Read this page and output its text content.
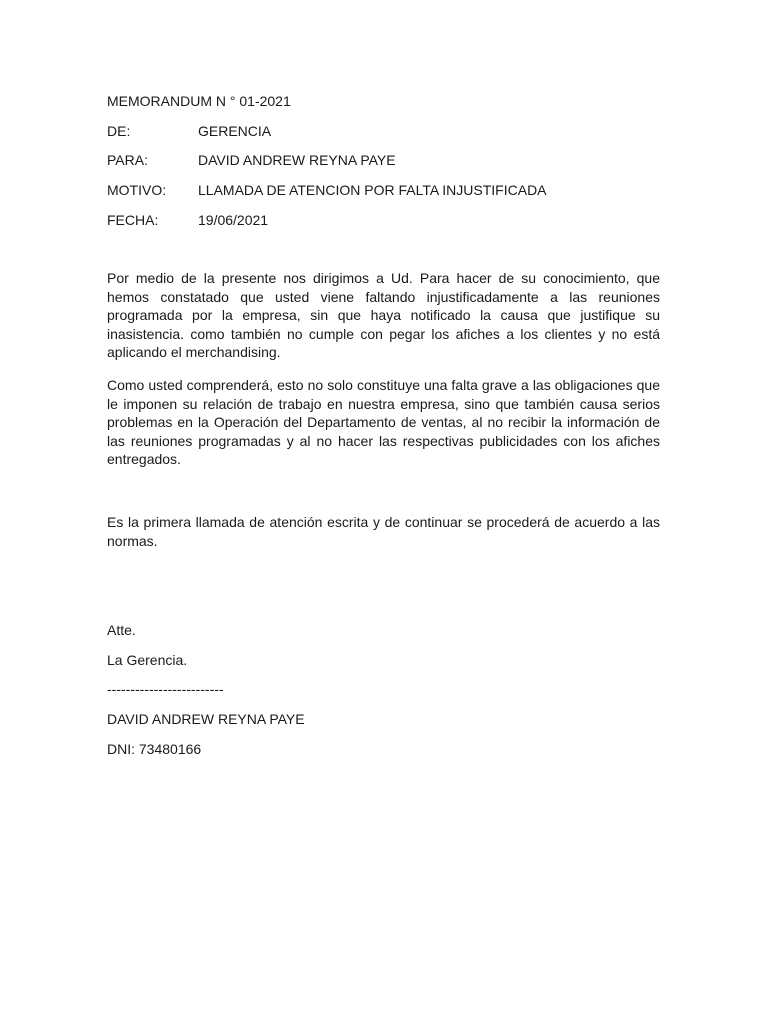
MEMORANDUM N ° 01-2021
DE:	GERENCIA
PARA:	DAVID ANDREW REYNA PAYE
MOTIVO: LLAMADA DE ATENCION POR FALTA INJUSTIFICADA
FECHA:	19/06/2021

Por medio de la presente nos dirigimos a Ud. Para hacer de su conocimiento, que hemos constatado que usted viene faltando injustificadamente a las reuniones programada por la empresa, sin que haya notificado la causa que justifique su inasistencia. como también no cumple con pegar los afiches a los clientes y no está aplicando el merchandising.

Como usted comprenderá, esto no solo constituye una falta grave a las obligaciones que le imponen su relación de trabajo en nuestra empresa, sino que también causa serios problemas en la Operación del Departamento de ventas, al no recibir la información de las reuniones programadas y al no hacer las respectivas publicidades con los afiches entregados.

Es la primera llamada de atención escrita y de continuar se procederá de acuerdo a las normas.

Atte.
La Gerencia.
-------------------------
DAVID ANDREW REYNA PAYE
DNI: 73480166
